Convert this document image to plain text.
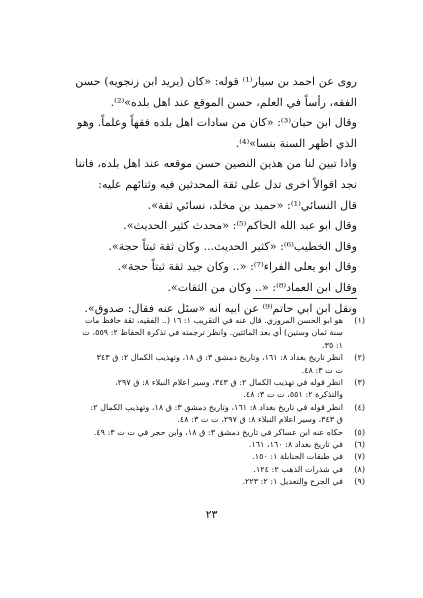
روى عن احمد بن سيار⁽¹⁾ قوله: «كان (يريد ابن زنجويه) حسن
الفقه، رأساً في العلم، حسن الموقع عند اهل بلده»⁽²⁾.
وقال ابن حبان⁽³⁾: «كان من سادات اهل بلده فقهاً وعلماً. وهو
الذي اظهر السنة بنسا»⁽⁴⁾.
واذا تبين لنا من هذين النصين حسن موقعه عند اهل بلده، فاننا
نجد اقوالاً اخرى تدل على ثقة المحدثين فيه وثنائهم عليه:
قال النسائي⁽¹⁾: «حميد بن مخلد، نسائي ثقة».
وقال ابو عبد الله الحاكم⁽⁵⁾: «محدث كثير الحديث».
وقال الخطيب⁽⁶⁾: «كثير الحديث... وكان ثقة ثبتاً حجة».
وقال ابو يعلى الفراء⁽⁷⁾: «.. وكان جيد ثقة ثبتاً حجة».
وقال ابن العماد⁽⁸⁾: «.. وكان من الثقات».
ونقل ابن ابي حاتم⁽⁹⁾ عن ابيه انه «سئل عنه فقال: صدوق».
(١)
هو ابو الحسن المروزي. قال عنه في التقريب ١: ١٦ (.. الفقيه، ثقة حافظ مات
سنة ثمان وستين) أي بعد المائتين. وانظر ترجمته في تذكرة الحفاظ ٢: ٥٥٩، ت
١: ٣٥.
(٢)
انظر تاريخ بغداد ٨: ١٦١، وتاريخ دمشق ٣: ق ١٨، وتهذيب الكمال ٢: ق ٣٤٣
ت ت ٣: ٤٨.
(٣)
انظر قوله في تهذيب الكمال ٢: ق ٣٤٣، وسير اعلام النبلاء ٨: ق ٢٩٧،
والتذكرة ٢: ٥٥١، ت ت ٣: ٤٨.
(٤)
انظر قوله في تاريخ بغداد ٨: ١٦١، وتاريخ دمشق ٣: ق ١٨، وتهذيب الكمال ٢:
ق ٣٤٣، وسير اعلام النبلاء ٨: ق ٢٩٧، ت ت ٣: ٤٨.
(٥)
حكاه عنه ابن عساكر في تاريخ دمشق ٣: ق ١٨، وابن حجر في ت ت ٣: ٤٩.
(٦)
في تاريخ بغداد ٨: ١٦٠، ١٦١.
(٧)
في طبقات الحنابلة ١: ١٥٠.
(٨)
في شذرات الذهب ٢: ١٢٤.
(٩)
في الجرح والتعديل ١: ٢: ٢٢٣.
٢٣
